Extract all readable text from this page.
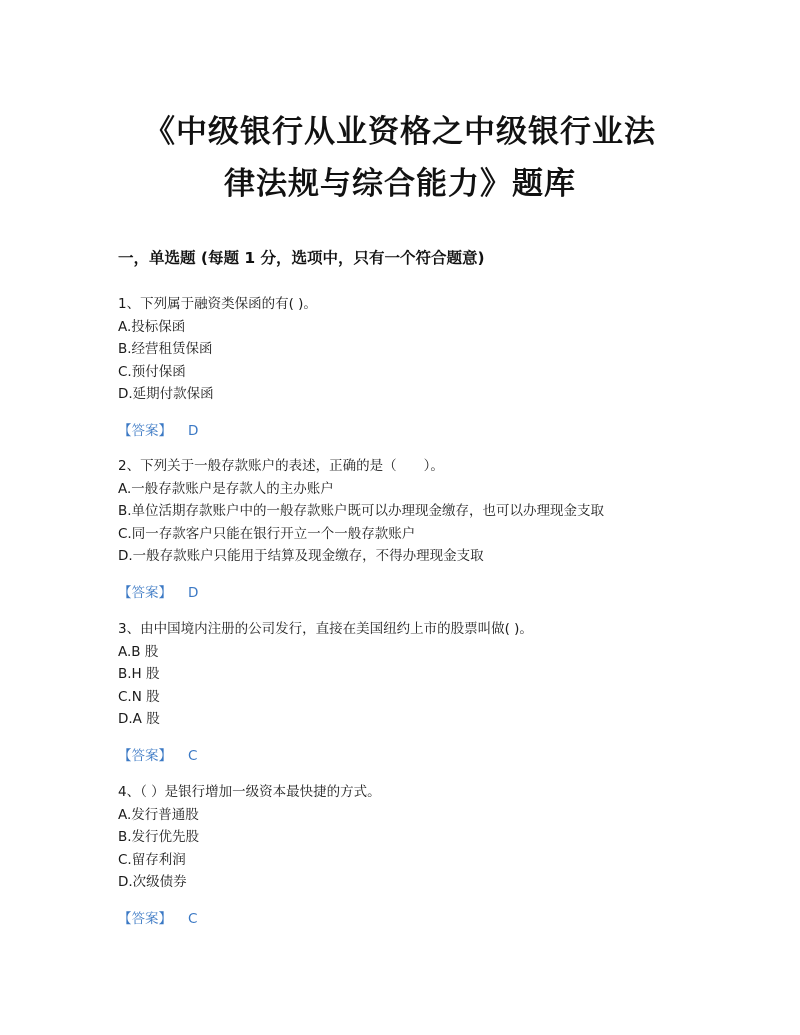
《中级银行从业资格之中级银行业法
律法规与综合能力》题库
一，单选题 (每题 1 分，选项中，只有一个符合题意)
1、下列属于融资类保函的有( )。
A.投标保函
B.经营租赁保函
C.预付保函
D.延期付款保函
【答案】 D
2、下列关于一般存款账户的表述，正确的是（　　）。
A.一般存款账户是存款人的主办账户
B.单位活期存款账户中的一般存款账户既可以办理现金缴存，也可以办理现金支取
C.同一存款客户只能在银行开立一个一般存款账户
D.一般存款账户只能用于结算及现金缴存，不得办理现金支取
【答案】 D
3、由中国境内注册的公司发行，直接在美国纽约上市的股票叫做( )。
A.B 股
B.H 股
C.N 股
D.A 股
【答案】 C
4、（ ）是银行增加一级资本最快捷的方式。
A.发行普通股
B.发行优先股
C.留存利润
D.次级债券
【答案】 C
